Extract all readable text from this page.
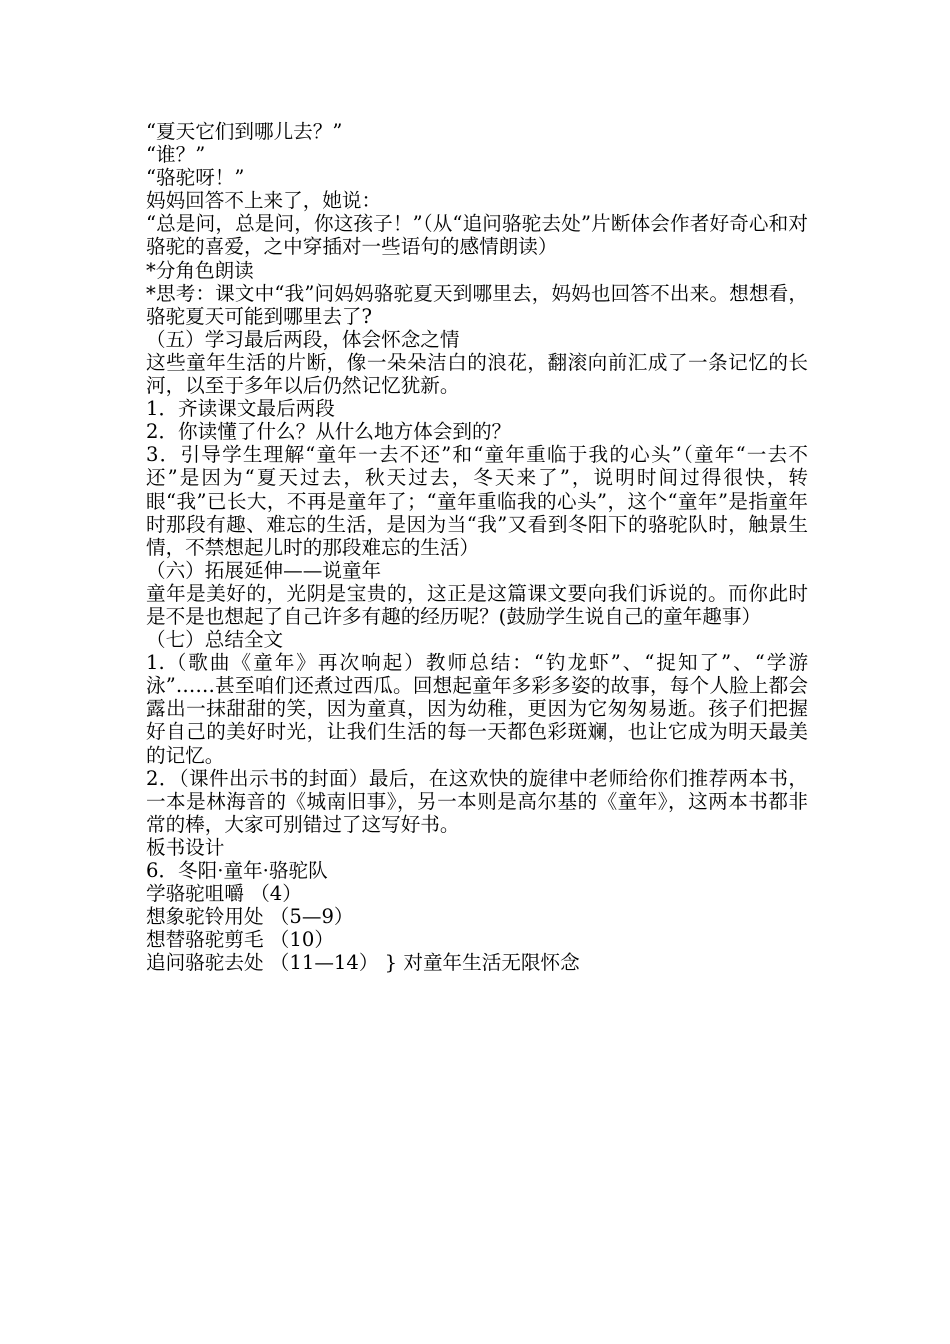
“夏天它们到哪儿去？”

“谁？”

“骆驼呀！”

妈妈回答不上来了，她说：

“总是问，总是问，你这孩子！”（从“追问骆驼去处”片断体会作者好奇心和对骆驼的喜爱，之中穿插对一些语句的感情朗读）

*分角色朗读

*思考：课文中“我”问妈妈骆驼夏天到哪里去，妈妈也回答不出来。想想看，骆驼夏天可能到哪里去了?

（五）学习最后两段，体会怀念之情

这些童年生活的片断，像一朵朵洁白的浪花，翻滚向前汇成了一条记忆的长河，以至于多年以后仍然记忆犹新。

1．齐读课文最后两段

2．你读懂了什么？从什么地方体会到的？

3．引导学生理解“童年一去不还”和“童年重临于我的心头”（童年“一去不还”是因为“夏天过去，秋天过去，冬天来了”，说明时间过得很快，转眼“我”已长大，不再是童年了；“童年重临我的心头”，这个“童年”是指童年时那段有趣、难忘的生活，是因为当“我”又看到冬阳下的骆驼队时，触景生情，不禁想起儿时的那段难忘的生活）

（六）拓展延伸——说童年

童年是美好的，光阴是宝贵的，这正是这篇课文要向我们诉说的。而你此时是不是也想起了自己许多有趣的经历呢？(鼓励学生说自己的童年趣事）

（七）总结全文

1.（歌曲《童年》再次响起）教师总结：“钓龙虾”、“捉知了”、“学游泳”……甚至咱们还煮过西瓜。回想起童年多彩多姿的故事，每个人脸上都会露出一抹甜甜的笑，因为童真，因为幼稚，更因为它匆匆易逝。孩子们把握好自己的美好时光，让我们生活的每一天都色彩斑斓，也让它成为明天最美的记忆。

2．（课件出示书的封面）最后，在这欢快的旋律中老师给你们推荐两本书，一本是林海音的《城南旧事》，另一本则是高尔基的《童年》，这两本书都非常的棒，大家可别错过了这写好书。

板书设计

6．冬阳·童年·骆驼队

学骆驼咀嚼 （4）

想象驼铃用处 （5—9）

想替骆驼剪毛 （10）

追问骆驼去处 （11—14） } 对童年生活无限怀念
